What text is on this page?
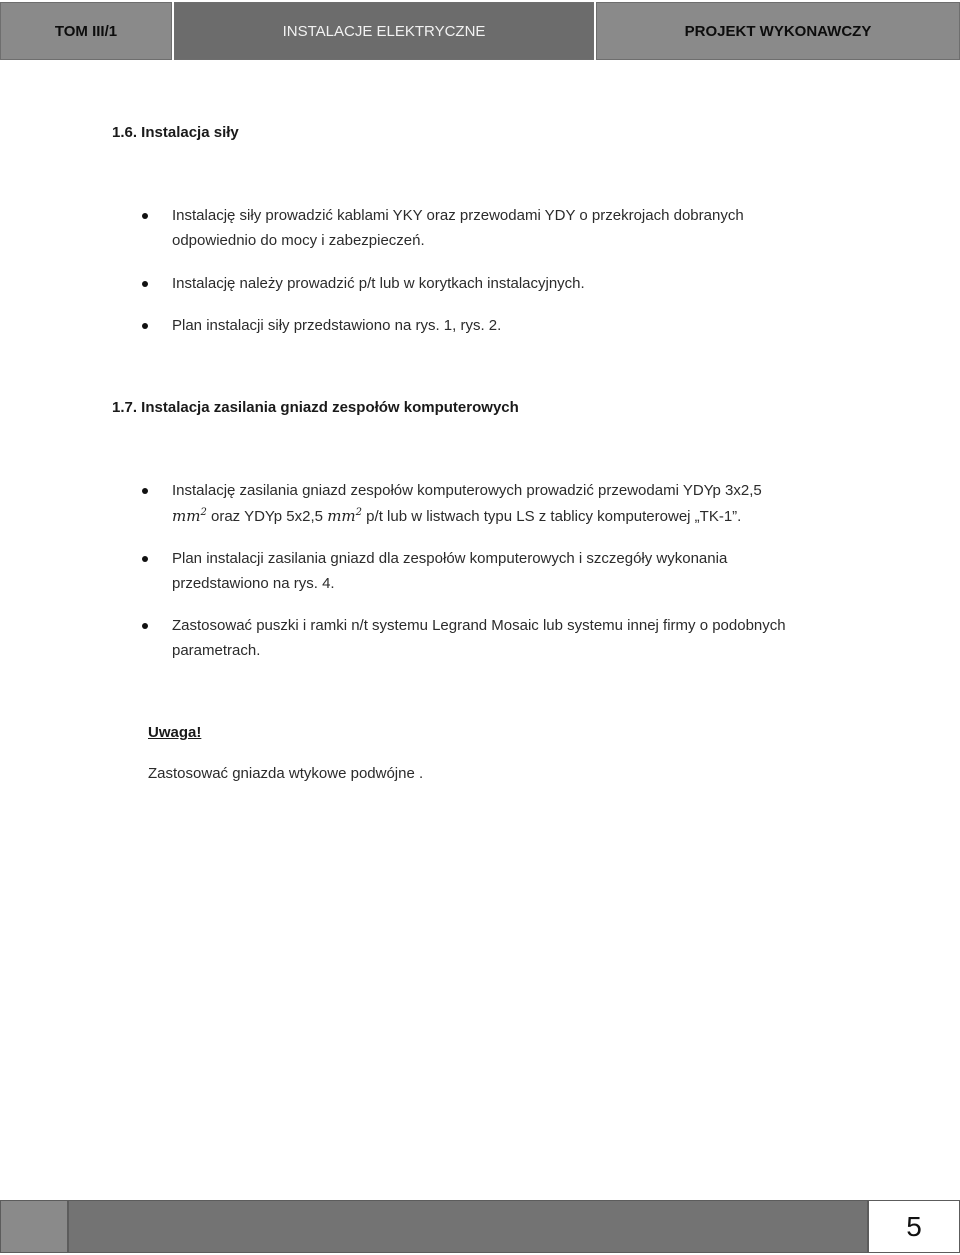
TOM III/1	INSTALACJE ELEKTRYCZNE	PROJEKT WYKONAWCZY
1.6. Instalacja siły
Instalację siły prowadzić kablami YKY oraz przewodami YDY o przekrojach dobranych
odpowiednio do mocy i zabezpieczeń.
Instalację należy prowadzić p/t lub w korytkach instalacyjnych.
Plan instalacji siły przedstawiono na rys. 1, rys. 2.
1.7. Instalacja zasilania gniazd zespołów komputerowych
Instalację zasilania gniazd zespołów komputerowych prowadzić przewodami YDYp 3x2,5
$mm^2$ oraz YDYp 5x2,5 $mm^2$ p/t lub w listwach typu LS z tablicy komputerowej „TK-1”.
Plan instalacji zasilania gniazd dla zespołów komputerowych i szczegóły wykonania
przedstawiono na rys. 4.
Zastosować puszki i ramki n/t systemu Legrand Mosaic lub systemu innej firmy o podobnych
parametrach.
Uwaga!
Zastosować gniazda wtykowe podwójne .
5
